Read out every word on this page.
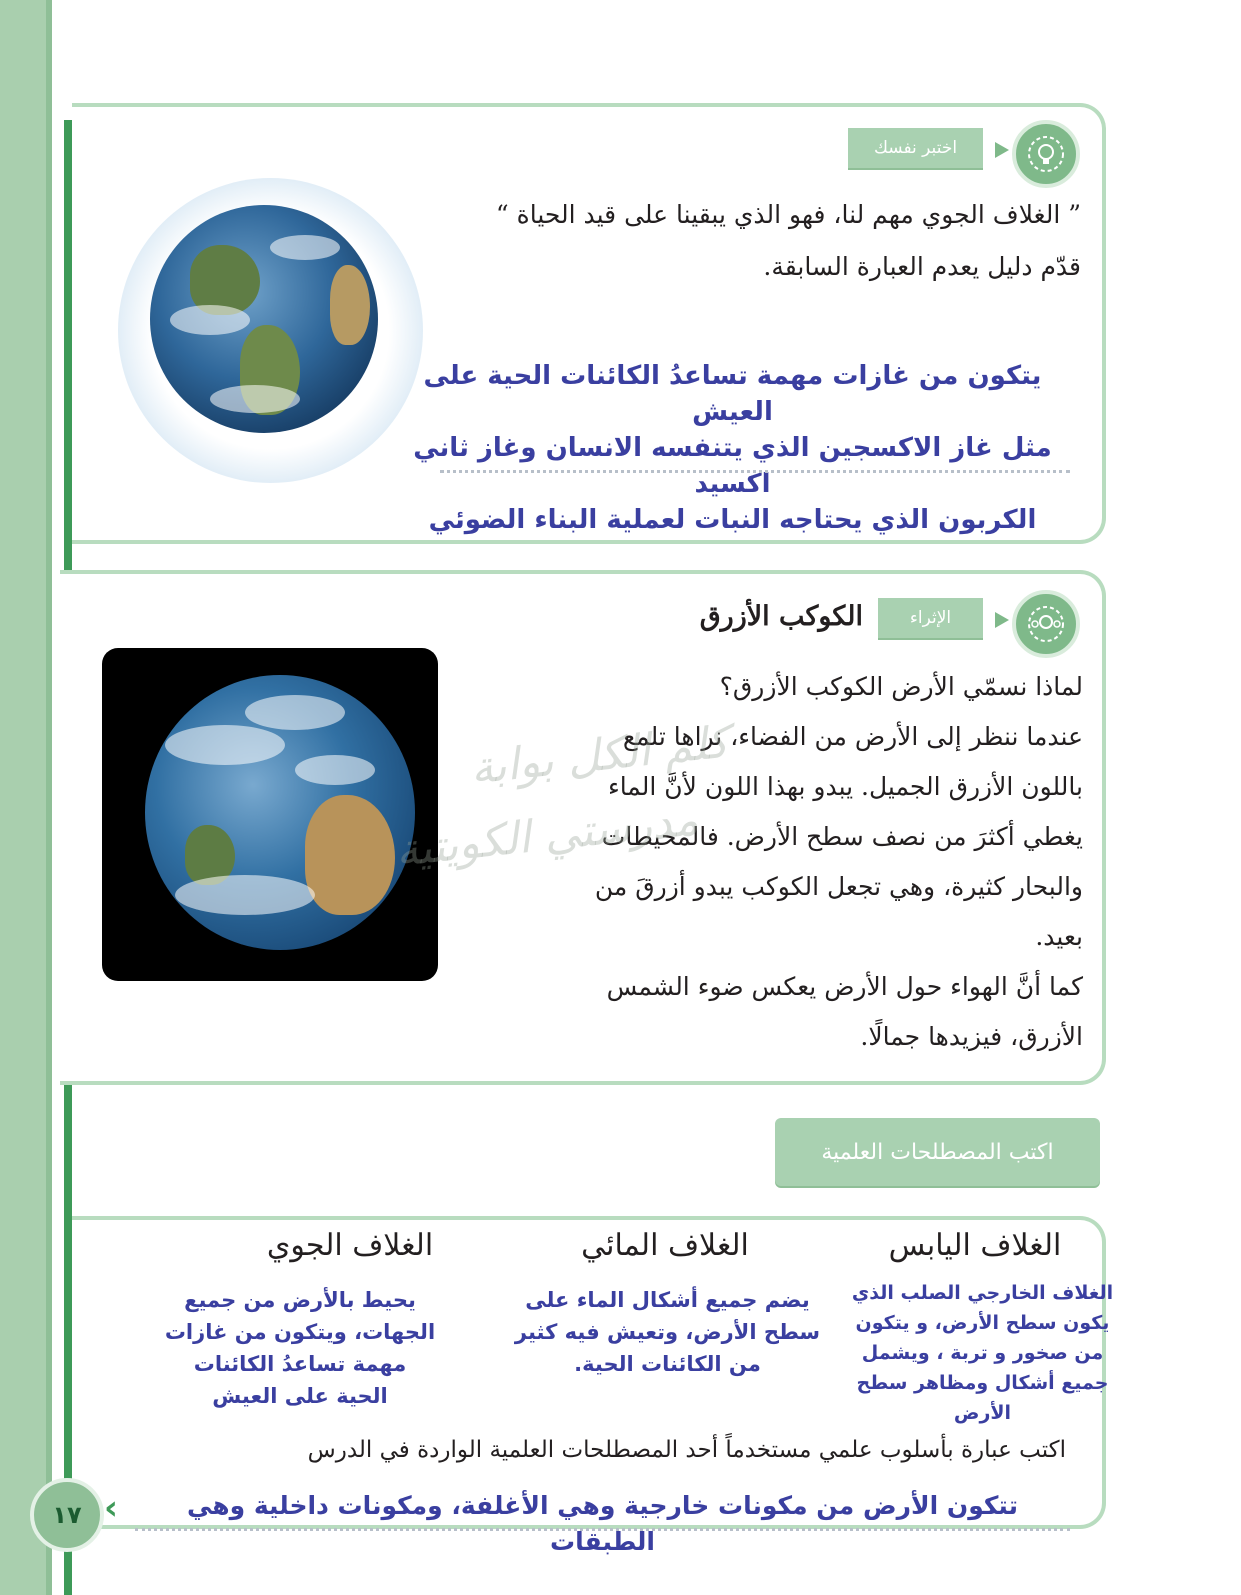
اختبر نفسك
” الغلاف الجوي مهم لنا، فهو الذي يبقينا على قيد الحياة “
قدّم دليل يعدم العبارة السابقة.
يتكون من غازات مهمة تساعدُ الكائنات الحية على العيش
مثل غاز الاكسجين الذي يتنفسه الانسان وغاز ثاني اكسيد
الكربون الذي يحتاجه النبات لعملية البناء الضوئي
الإثراء
الكوكب الأزرق
لماذا نسمّي الأرض الكوكب الأزرق؟
عندما ننظر إلى الأرض من الفضاء، نراها تلمع
باللون الأزرق الجميل. يبدو بهذا اللون لأنَّ الماء
يغطي أكثرَ من نصف سطح الأرض. فالمحيطات
والبحار كثيرة، وهي تجعل الكوكب يبدو أزرقَ من
بعيد.
كما أنَّ الهواء حول الأرض يعكس ضوء الشمس
الأزرق، فيزيدها جمالًا.
كلم الكل بوابة
مدرستي الكويتية
اكتب المصطلحات العلمية
الغلاف اليابس
الغلاف المائي
الغلاف الجوي
الغلاف الخارجي الصلب الذي
يكون سطح الأرض، و يتكون
من صخور و تربة ، ويشمل
جميع أشكال ومظاهر سطح
الأرض
يضم جميع أشكال الماء على
سطح الأرض، وتعيش فيه كثير
من الكائنات الحية.
يحيط بالأرض من جميع
الجهات، ويتكون من غازات
مهمة تساعدُ الكائنات
الحية على العيش
اكتب عبارة بأسلوب علمي مستخدماً أحد المصطلحات العلمية الواردة في الدرس
تتكون الأرض من مكونات خارجية وهي الأغلفة، ومكونات داخلية وهي الطبقات
١٧ ›
